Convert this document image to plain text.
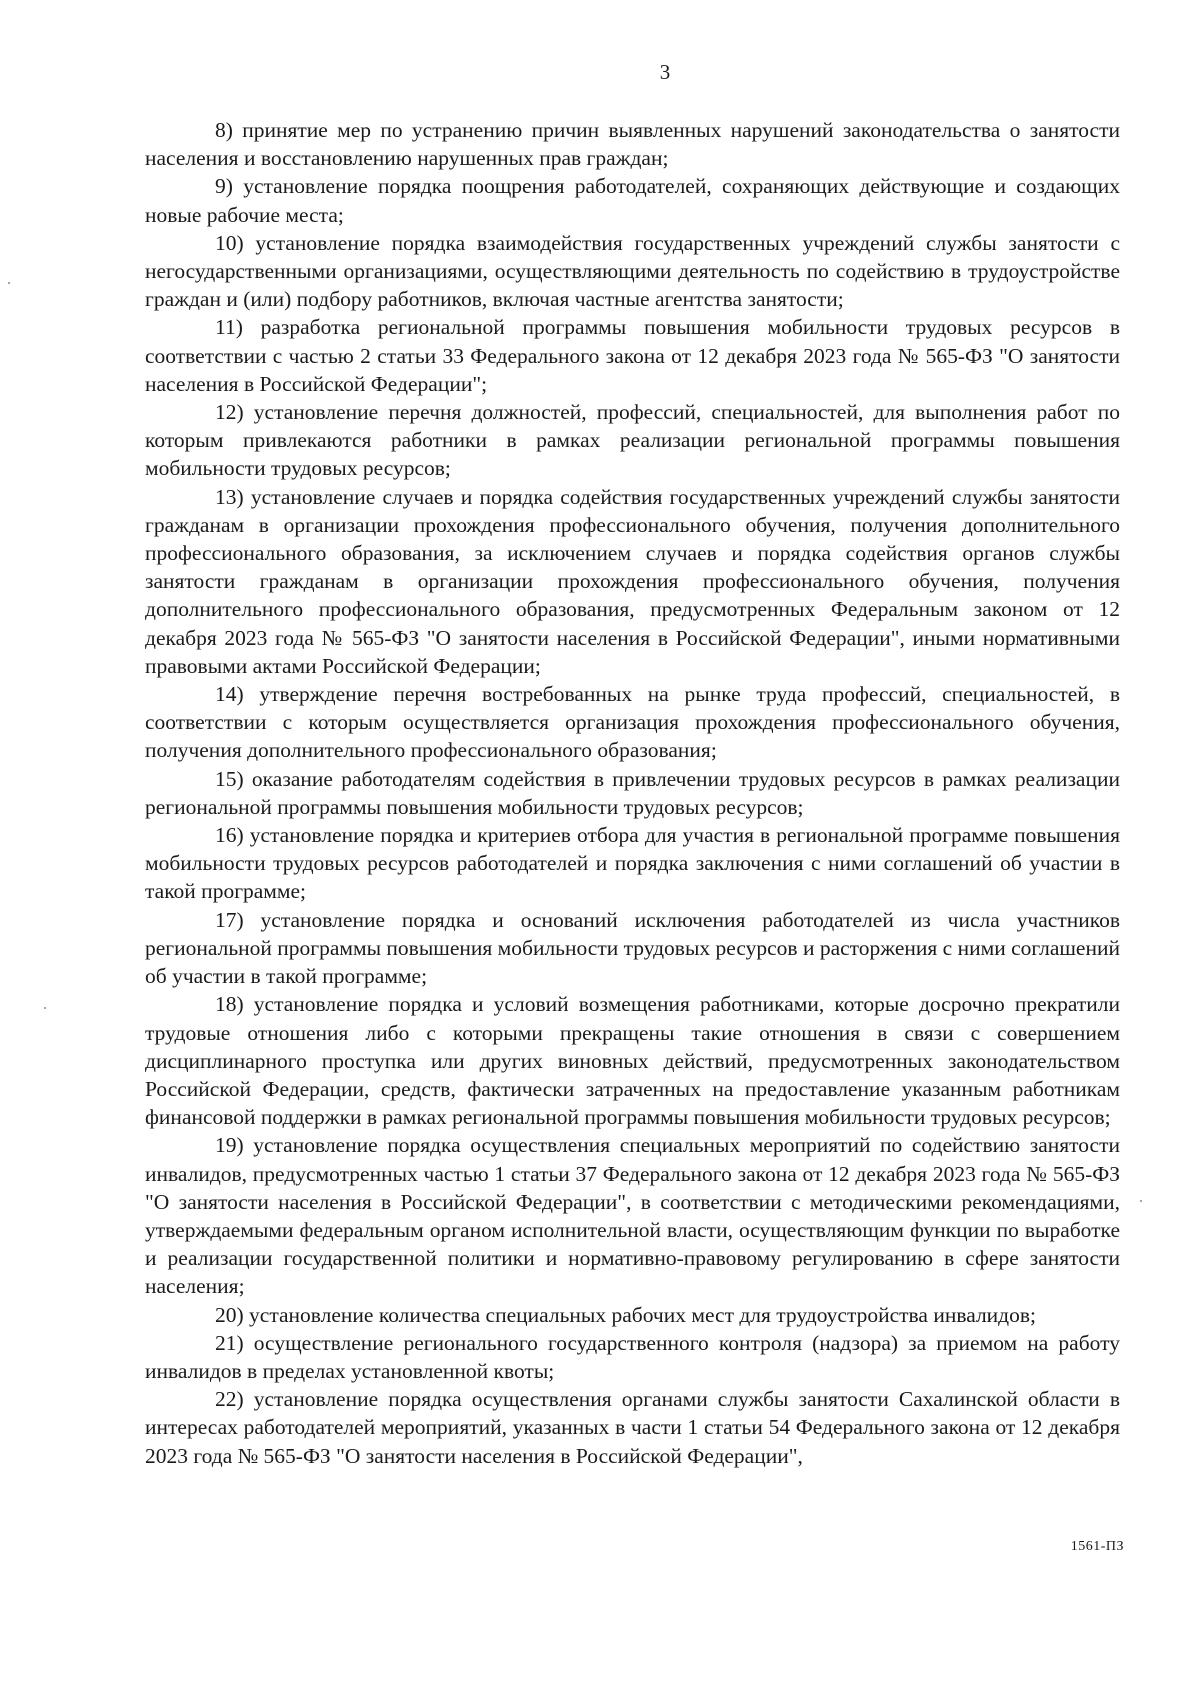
3

8) принятие мер по устранению причин выявленных нарушений законодательства о занятости населения и восстановлению нарушенных прав граждан;

9) установление порядка поощрения работодателей, сохраняющих действующие и создающих новые рабочие места;

10) установление порядка взаимодействия государственных учреждений службы занятости с негосударственными организациями, осуществляющими деятельность по содействию в трудоустройстве граждан и (или) подбору работников, включая частные агентства занятости;

11) разработка региональной программы повышения мобильности трудовых ресурсов в соответствии с частью 2 статьи 33 Федерального закона от 12 декабря 2023 года № 565-ФЗ "О занятости населения в Российской Федерации";

12) установление перечня должностей, профессий, специальностей, для выполнения работ по которым привлекаются работники в рамках реализации региональной программы повышения мобильности трудовых ресурсов;

13) установление случаев и порядка содействия государственных учреждений службы занятости гражданам в организации прохождения профессионального обучения, получения дополнительного профессионального образования, за исключением случаев и порядка содействия органов службы занятости гражданам в организации прохождения профессионального обучения, получения дополнительного профессионального образования, предусмотренных Федеральным законом от 12 декабря 2023 года № 565-ФЗ "О занятости населения в Российской Федерации", иными нормативными правовыми актами Российской Федерации;

14) утверждение перечня востребованных на рынке труда профессий, специальностей, в соответствии с которым осуществляется организация прохождения профессионального обучения, получения дополнительного профессионального образования;

15) оказание работодателям содействия в привлечении трудовых ресурсов в рамках реализации региональной программы повышения мобильности трудовых ресурсов;

16) установление порядка и критериев отбора для участия в региональной программе повышения мобильности трудовых ресурсов работодателей и порядка заключения с ними соглашений об участии в такой программе;

17) установление порядка и оснований исключения работодателей из числа участников региональной программы повышения мобильности трудовых ресурсов и расторжения с ними соглашений об участии в такой программе;

18) установление порядка и условий возмещения работниками, которые досрочно прекратили трудовые отношения либо с которыми прекращены такие отношения в связи с совершением дисциплинарного проступка или других виновных действий, предусмотренных законодательством Российской Федерации, средств, фактически затраченных на предоставление указанным работникам финансовой поддержки в рамках региональной программы повышения мобильности трудовых ресурсов;

19) установление порядка осуществления специальных мероприятий по содействию занятости инвалидов, предусмотренных частью 1 статьи 37 Федерального закона от 12 декабря 2023 года № 565-ФЗ "О занятости населения в Российской Федерации", в соответствии с методическими рекомендациями, утверждаемыми федеральным органом исполнительной власти, осуществляющим функции по выработке и реализации государственной политики и нормативно-правовому регулированию в сфере занятости населения;

20) установление количества специальных рабочих мест для трудоустройства инвалидов;

21) осуществление регионального государственного контроля (надзора) за приемом на работу инвалидов в пределах установленной квоты;

22) установление порядка осуществления органами службы занятости Сахалинской области в интересах работодателей мероприятий, указанных в части 1 статьи 54 Федерального закона от 12 декабря 2023 года № 565-ФЗ "О занятости населения в Российской Федерации",

1561-ПЗ
